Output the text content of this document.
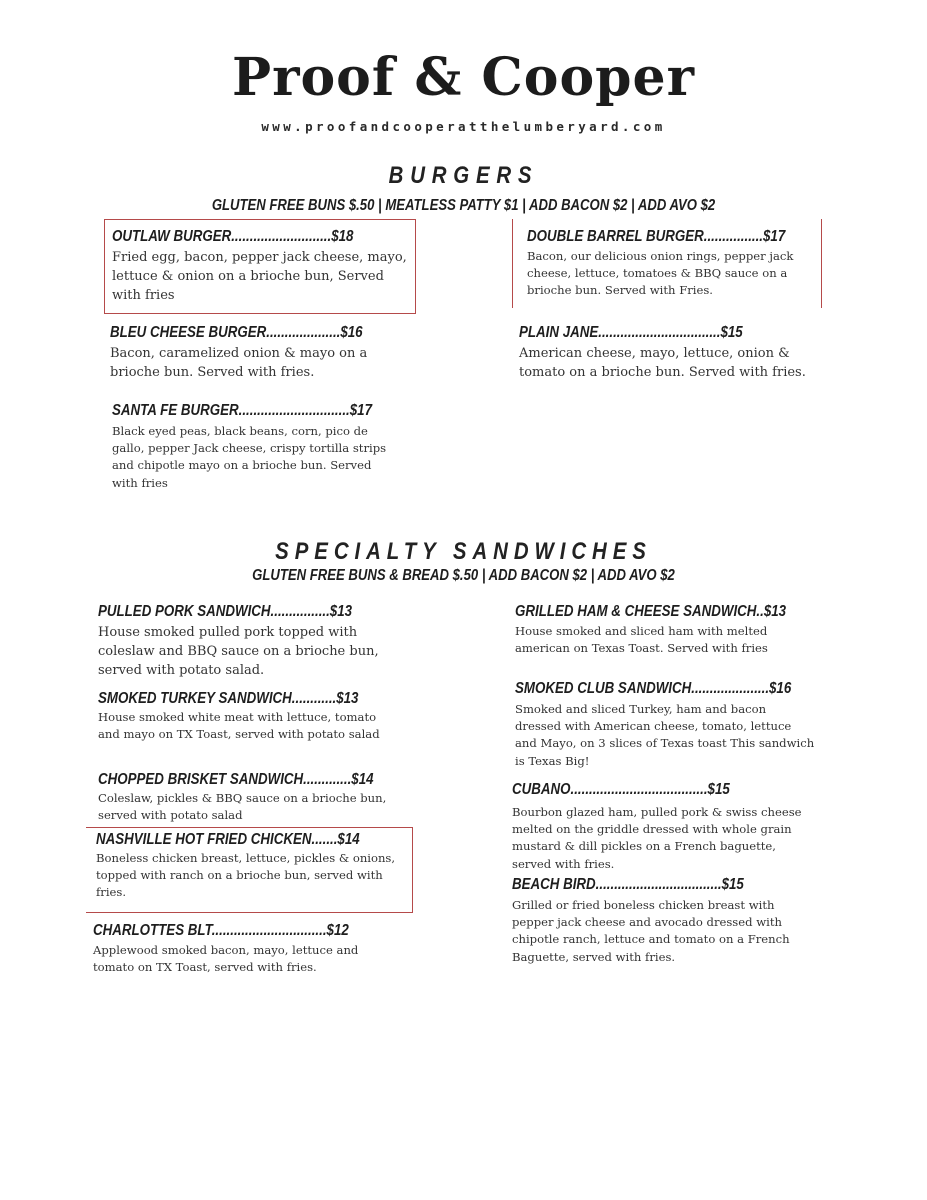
Proof & Cooper
www.proofandcooperatthelumberyard.com
BURGERS
GLUTEN FREE BUNS $.50 | MEATLESS PATTY $1 | ADD BACON $2 | ADD AVO $2
OUTLAW BURGER...........................$18
Fried egg, bacon, pepper jack cheese, mayo, lettuce & onion on a brioche bun, Served with fries
DOUBLE BARREL BURGER................$17
Bacon, our delicious onion rings, pepper jack cheese, lettuce, tomatoes & BBQ sauce on a brioche bun. Served with Fries.
BLEU CHEESE BURGER....................$16
Bacon, caramelized onion & mayo on a brioche bun. Served with fries.
PLAIN JANE.................................$15
American cheese, mayo, lettuce, onion & tomato on a brioche bun. Served with fries.
SANTA FE BURGER..............................$17
Black eyed peas, black beans, corn, pico de gallo, pepper Jack cheese, crispy tortilla strips and chipotle mayo on a brioche bun. Served with fries
SPECIALTY SANDWICHES
GLUTEN FREE BUNS & BREAD $.50 | ADD BACON $2 | ADD AVO $2
PULLED PORK SANDWICH................$13
House smoked pulled pork topped with coleslaw and BBQ sauce on a brioche bun, served with potato salad.
SMOKED TURKEY SANDWICH............$13
House smoked white meat with lettuce, tomato and mayo on TX Toast, served with potato salad
CHOPPED BRISKET SANDWICH.............$14
Coleslaw, pickles & BBQ sauce on a brioche bun, served with potato salad
NASHVILLE HOT FRIED CHICKEN.......$14
Boneless chicken breast, lettuce, pickles & onions, topped with ranch on a brioche bun, served with fries.
CHARLOTTES BLT...............................$12
Applewood smoked bacon, mayo, lettuce and tomato on TX Toast, served with fries.
GRILLED HAM & CHEESE SANDWICH..$13
House smoked and sliced ham with melted american on Texas Toast. Served with fries
SMOKED CLUB SANDWICH.....................$16
Smoked and sliced Turkey, ham and bacon dressed with American cheese, tomato, lettuce and Mayo, on 3 slices of Texas toast This sandwich is Texas Big!
CUBANO.....................................$15
Bourbon glazed ham, pulled pork & swiss cheese melted on the griddle dressed with whole grain mustard & dill pickles on a French baguette, served with fries.
BEACH BIRD..................................$15
Grilled or fried boneless chicken breast with pepper jack cheese and avocado dressed with chipotle ranch, lettuce and tomato on a French Baguette, served with fries.
